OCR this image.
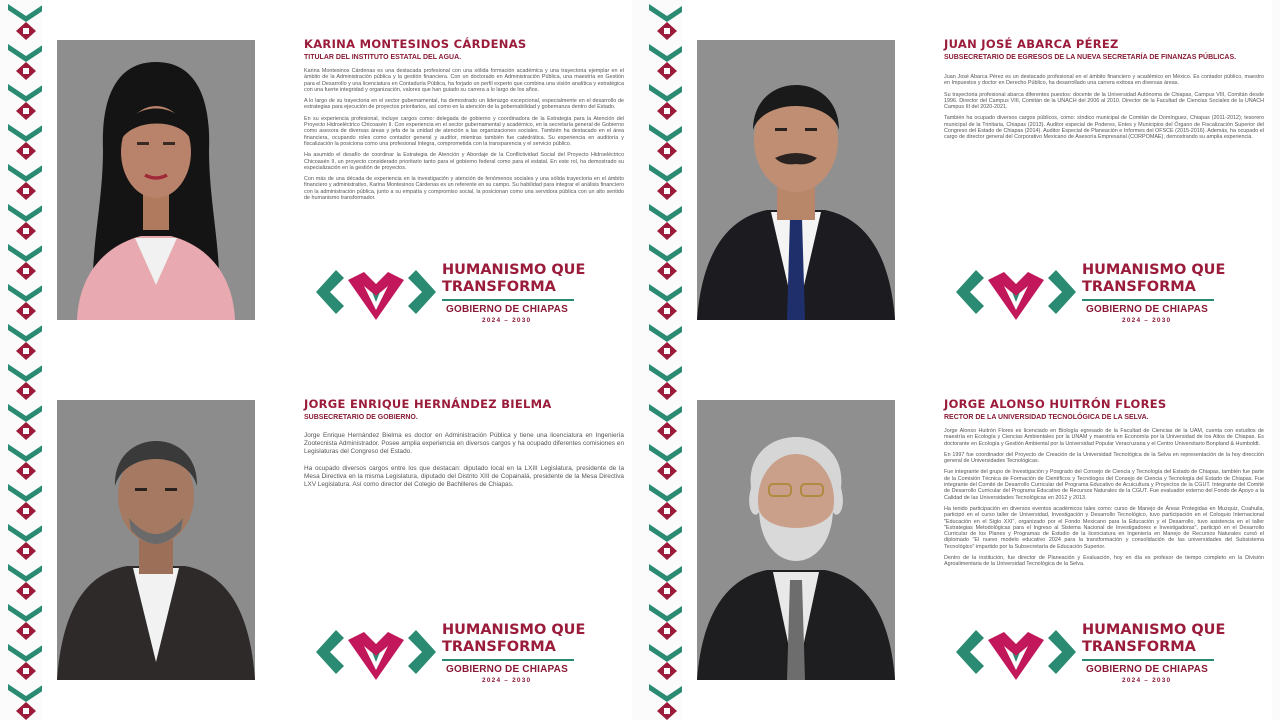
KARINA MONTESINOS CÁRDENAS
TITULAR DEL INSTITUTO ESTATAL DEL AGUA.

Karina Montesinos Cárdenas es una destacada profesional con una sólida formación académica y una trayectoria ejemplar en el ámbito de la Administración pública y la gestión financiera. Con un doctorado en Administración Pública, una maestría en Gestión para el Desarrollo y una licenciatura en Contaduría Pública, ha forjado un perfil experto que combina una visión analítica y estratégica con una fuerte integridad y organización, valores que han guiado su carrera a lo largo de los años.

A lo largo de su trayectoria en el sector gubernamental, ha demostrado un liderazgo excepcional, especialmente en el desarrollo de estrategias para ejecución de proyectos prioritarios, así como en la atención de la gobernabilidad y gobernanza dentro del Estado.

En su experiencia profesional, incluye cargos como: delegada de gobierno y coordinadora de la Estrategia para la Atención del Proyecto Hidroeléctrico Chicoasén II. Con experiencia en el sector gubernamental y académico, en la secretaría general de Gobierno como asesora de diversas áreas y jefa de la unidad de atención a las organizaciones sociales. También ha destacado en el área financiera, ocupando roles como contador general y auditor, mientras también fue catedrática. Su experiencia en auditoría y fiscalización la posiciona como una profesional íntegra, comprometida con la transparencia y el servicio público.

Ha asumido el desafío de coordinar la Estrategia de Atención y Abordaje de la Conflictividad Social del Proyecto Hidroeléctrico Chicoasén II, un proyecto considerado prioritario tanto para el gobierno federal como para el estatal. En este rol, ha demostrado su especialización en la gestión de proyectos.

Con más de una década de experiencia en la investigación y atención de fenómenos sociales y una sólida trayectoria en el ámbito financiero y administrativo, Karina Montesinos Cárdenas es un referente en su campo. Su habilidad para integrar el análisis financiero con la administración pública, junto a su empatía y compromiso social, la posicionan como una servidora pública con un alto sentido de humanismo transformador.

HUMANISMO QUE
TRANSFORMA
GOBIERNO DE CHIAPAS
2024 – 2030
JUAN JOSÉ ABARCA PÉREZ
SUBSECRETARIO DE EGRESOS DE LA NUEVA SECRETARÍA DE FINANZAS PÚBLICAS.

Juan José Abarca Pérez es un destacado profesional en el ámbito financiero y académico en México. Es contador público, maestro en Impuestos y doctor en Derecho Público, ha desarrollado una carrera exitosa en diversas áreas.

Su trayectoria profesional abarca diferentes puestos: docente de la Universidad Autónoma de Chiapas, Campus VIII, Comitán desde 1996. Director del Campus VIII, Comitán de la UNACH del 2006 al 2010. Director de la Facultad de Ciencias Sociales de la UNACH Campus III del 2020-2021.

También ha ocupado diversos cargos públicos, como: síndico municipal de Comitán de Domínguez, Chiapas (2011-2012); tesorero municipal de la Trinitaria, Chiapas (2013). Auditor especial de Poderes, Entes y Municipios del Órgano de Fiscalización Superior del Congreso del Estado de Chiapas (2014). Auditor Especial de Planeación e Informes del OFSCE (2015-2016). Además, ha ocupado el cargo de director general del Corporativo Mexicano de Asesoría Empresarial (CORPOMAE), demostrando su amplia experiencia.

HUMANISMO QUE
TRANSFORMA
GOBIERNO DE CHIAPAS
2024 – 2030
JORGE ENRIQUE HERNÁNDEZ BIELMA
SUBSECRETARIO DE GOBIERNO.

Jorge Enrique Hernández Bielma es doctor en Administración Pública y tiene una licenciatura en Ingeniería Zootecnista Administrador. Posee amplia experiencia en diversos cargos y ha ocupado diferentes comisiones en Legislaturas del Congreso del Estado.

Ha ocupado diversos cargos entre los que destacan: diputado local en la LXIII Legislatura, presidente de la Mesa Directiva en la misma Legislatura, diputado del Distrito XIII de Copainalá, presidente de la Mesa Directiva LXV Legislatura. Así como director del Colegio de Bachilleres de Chiapas.

HUMANISMO QUE
TRANSFORMA
GOBIERNO DE CHIAPAS
2024 – 2030
JORGE ALONSO HUITRÓN FLORES
RECTOR DE LA UNIVERSIDAD TECNOLÓGICA DE LA SELVA.

Jorge Alonso Huitrón Flores es licenciado en Biología egresado de la Facultad de Ciencias de la UAM, cuenta con estudios de maestría en Ecología y Ciencias Ambientales por la UNAM y maestría en Economía por la Universidad de los Altos de Chiapas. Es doctorante en Ecología y Gestión Ambiental por la Universidad Popular Veracruzana y el Centro Universitario Bonpland & Humboldt.

En 1997 fue coordinador del Proyecto de Creación de la Universidad Tecnológica de la Selva en representación de la hoy dirección general de Universidades Tecnológicas.

Fue integrante del grupo de Investigación y Posgrado del Consejo de Ciencia y Tecnología del Estado de Chiapas, también fue parte de la Comisión Técnica de Formación de Científicos y Tecnólogos del Consejo de Ciencia y Tecnología del Estado de Chiapas. Fue integrante del Comité de Desarrollo Curricular del Programa Educativo de Acuicultura y Proyectos de la CGUT. Integrante del Comité de Desarrollo Curricular del Programa Educativo de Recursos Naturales de la CGUT. Fue evaluador externo del Fondo de Apoyo a la Calidad de las Universidades Tecnológicas en 2012 y 2013.

Ha tenido participación en diversos eventos académicos tales como: curso de Manejo de Áreas Protegidas en Muzquiz, Coahuila, participó en el curso taller de Universidad, Investigación y Desarrollo Tecnológico, tuvo participación en el Coloquio Internacional "Educación en el Siglo XXI", organizado por el Fondo Mexicano para la Educación y el Desarrollo, tuvo asistencia en el taller "Estrategias Metodológicas para el Ingreso al Sistema Nacional de Investigadores e Investigadoras", participó en el Desarrollo Curricular de los Planes y Programas de Estudio de la licenciatura en Ingeniería en Manejo de Recursos Naturales cursó el diplomado "El nuevo modelo educativo 2024 para la transformación y consolidación de las universidades del Subsistema Tecnológico" impartido por la Subsecretaría de Educación Superior.

Dentro de la institución, fue director de Planeación y Evaluación, hoy en día es profesor de tiempo completo en la División Agroalimentaria de la Universidad Tecnológica de la Selva.

HUMANISMO QUE
TRANSFORMA
GOBIERNO DE CHIAPAS
2024 – 2030
